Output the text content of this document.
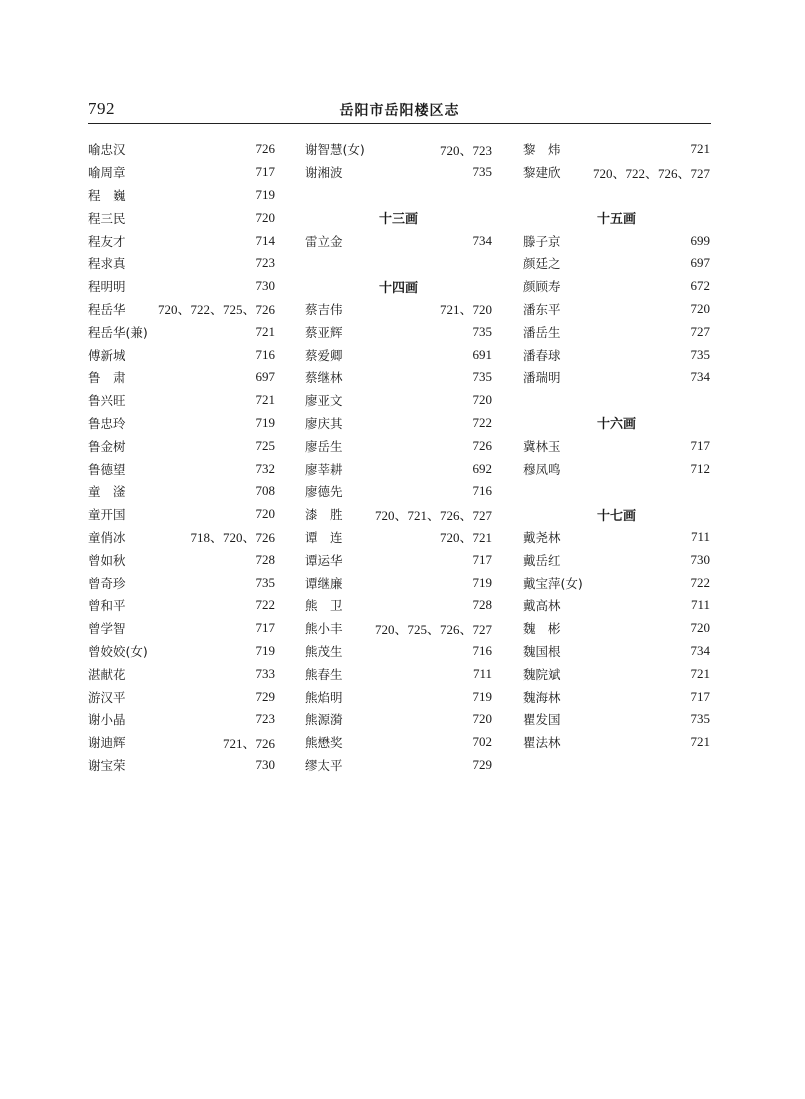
792	岳阳市岳阳楼区志
喻忠汉	726
喻周章	717
程　巍	719
程三民	720
程友才	714
程求真	723
程明明	730
程岳华 720、722、725、726
程岳华(兼)	721
傅新城	716
鲁　肃	697
鲁兴旺	721
鲁忠玲	719
鲁金树	725
鲁德望	732
童　滏	708
童开国	720
童俏冰	718、720、726
曾如秋	728
曾奇珍	735
曾和平	722
曾学智	717
曾姣姣(女)	719
湛献花	733
游汉平	729
谢小晶	723
谢迪辉	721、726
谢宝荣	730
谢智慧(女)	720、723
谢湘波	735
十三画
雷立金	734
十四画
蔡吉伟	721、720
蔡亚辉	735
蔡爱卿	691
蔡继林	735
廖亚文	720
廖庆其	722
廖岳生	726
廖莘耕	692
廖德先	716
漆　胜 720、721、726、727
谭　连	720、721
谭运华	717
谭继廉	719
熊　卫	728
熊小丰 720、725、726、727
熊茂生	716
熊春生	711
熊焰明	719
熊源漪	720
熊懋奖	702
缪太平	729
黎　炜	721
黎建欣 720、722、726、727
十五画
滕子京	699
颜廷之	697
颜顾寿	672
潘东平	720
潘岳生	727
潘春球	735
潘瑞明	734
十六画
冀林玉	717
穆凤鸣	712
十七画
戴尧林	711
戴岳红	730
戴宝萍(女)	722
戴高林	711
魏　彬	720
魏国根	734
魏院斌	721
魏海林	717
瞿发国	735
瞿法林	721
